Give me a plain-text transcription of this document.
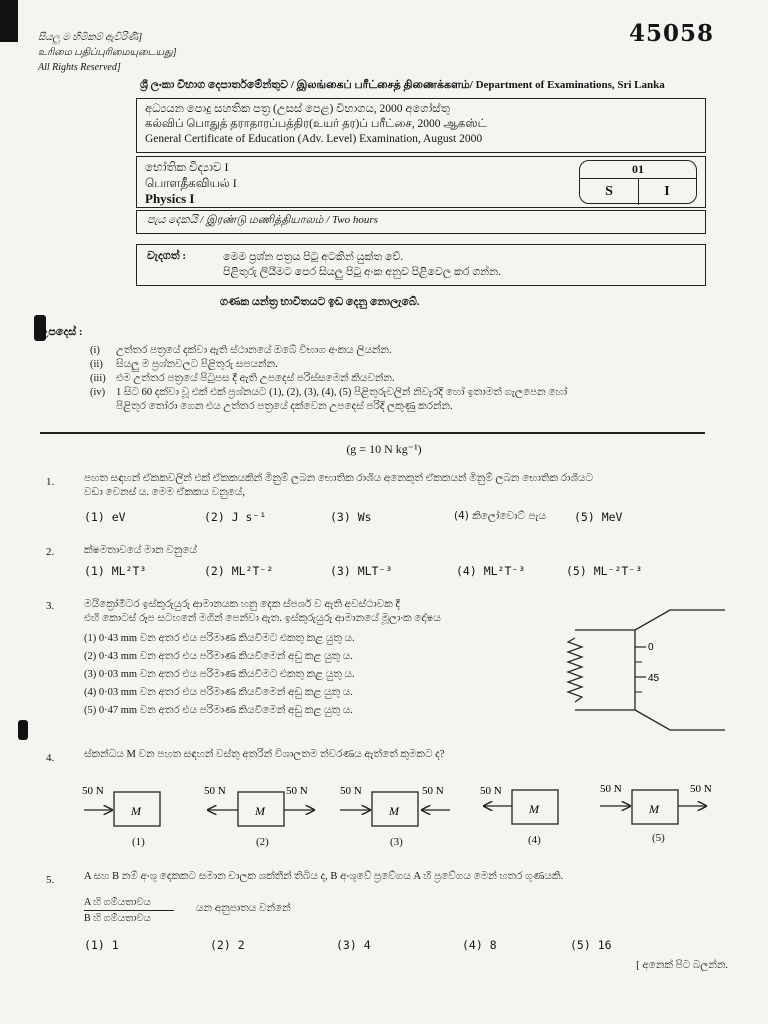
සියලු ම හිමිකම් ඇවිරිණි]
உரிமை பதிப்புரிமையுடையது]
All Rights Reserved]
45058
ශ්‍රී ලංකා විභාග දෙපාර්තමේන්තුව / இலங்கைப் பரீட்சைத் திணைக்களம்/ Department of Examinations, Sri Lanka
අධ්‍යයන පොදු සහතික පත්‍ර (උසස් පෙළ) විභාගය, 2000 අගෝස්තු
கல்விப் பொதுத் தராதாரப்பத்திர(உயர் தர)ப் பரீட்சை, 2000 ஆகஸ்ட்
General Certificate of Education (Adv. Level) Examination, August 2000
භෝතික විද්‍යාව I
பொளதீகவியல் I
Physics I
01
S	I
පැය දෙකයි / இரண்டு மணித்தியாலம் / Two hours
වැදගත් :	මෙම ප්‍රශ්න පත්‍රය පිටු අටකින් යුක්ත වේ.
පිළිතුරු ලියීමට පෙර සියලු පිටු අංක අනුව පිළිවෙල කර ගන්න.
ගණක යන්ත්‍ර භාවිතයට ඉඩ දෙනු නොලැබේ.
උපදෙස් :
(i)	උත්තර පත්‍රයේ දක්වා ඇති ස්ථානයේ ඔබේ විභාග අංකය ලියන්න.
(ii)	සියලු ම ප්‍රශ්නවලට පිළිතුරු සපයන්න.
(iii) එම උත්තර පත්‍රයේ පිටුපස දී ඇති උපදෙස් පරිස්සමෙන් කියවන්න.
(iv)	1 සිට 60 දක්වා වූ එක් එක් ප්‍රශ්නයට (1), (2), (3), (4), (5) පිළිතුරුවලින් නිවැරදි හෝ ඉතාමත් ගැලපෙන හෝ
පිළිතුර තෝරා ගෙන එය උත්තර පත්‍රයේ දක්වෙන උපදෙස් පරිදි ලකුණු කරන්න.
(g = 10 N kg⁻¹)
1.	පහත සඳහන් ඒකකවලින් එක් ඒකකයකින් මිනුම් ලබන භොතික රාශිය අනෙකුත් ඒකකයන් මිනුම් ලබන භොතික රාශියට
වඩා වෙනස් ය. මෙම ඒකකය වනුයේ,
(1) eV	(2) J s⁻¹	(3) Ws	(4) කිලෝවොට් පැය	(5) MeV
2.	ක්ෂමතාවයේ මාන වනුයේ
(1) ML²T³	(2) ML²T⁻²	(3) MLT⁻³	(4) ML²T⁻³	(5) ML⁻²T⁻³
3.	මයික්‍රෝමීටර ඉස්කුරුයුරු ආමානයක හනු දෙක ස්පර්ශ ව ඇති අවස්ථාවක දී
එහි කොටස් රූප සටහනේ මගින් පෙන්වා ඇත. ඉස්කුරුයුරු ආමානයේ මූලාංක දෝෂය
(1) 0·43 mm වන අතර එය පරිමාණ කියවීමට එකතු කළ යුතු ය.
(2) 0·43 mm වන අතර එය පරිමාණ කියවීමෙන් අඩු කළ යුතු ය.
(3) 0·03 mm වන අතර එය පරිමාණ කියවීමට එකතු කළ යුතු ය.
(4) 0·03 mm වන අතර එය පරිමාණ කියවීමෙන් අඩු කළ යුතු ය.
(5) 0·47 mm වන අතර එය පරිමාණ කියවීමෙන් අඩු කළ යුතු ය.
0
45
4.	ස්කන්ධය M වන පහත සඳහන් වස්තු අතරින් විශාලතම ත්වරණය ඇත්තේ කුමකට ද?
50 N
M
50 N
M
50 N	50 N
M
50 N	50 N
M
50 N
M
50 N
(1)	(2)	(3)	(4)	(5)
5.	A සහ B නම් අංශු දෙකකට සමාන චාලක ශක්තීන් තිබිය ද, B අංශුවේ ප්‍රවේගය A හි ප්‍රවේගය මෙන් හතර ගුණයකි.
A හි ගම්යතාවය
B හි ගම්යතාවය
යන අනුපාතය වන්නේ
(1) 1	(2) 2	(3) 4	(4) 8	(5) 16
[ අනෙක් පිට බලන්න.
